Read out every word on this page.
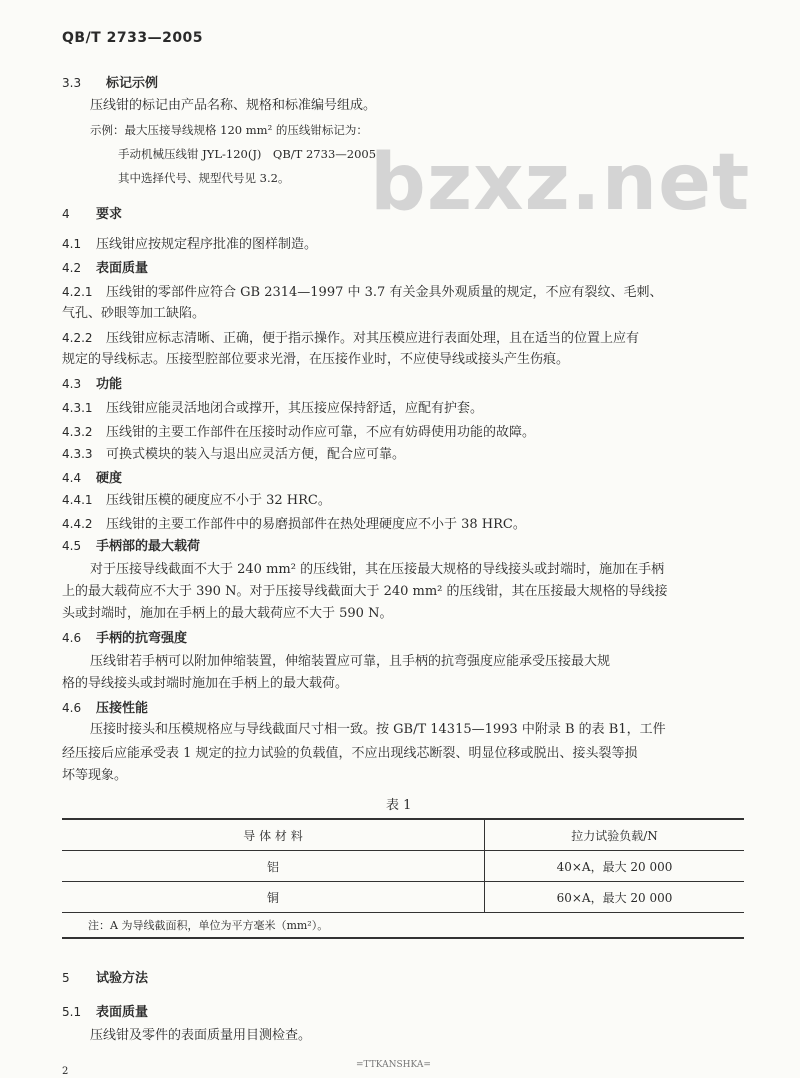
QB/T 2733—2005
bzxz.net
3.3 标记示例
压线钳的标记由产品名称、规格和标准编号组成。
示例：最大压接导线规格 120 mm² 的压线钳标记为：
手动机械压线钳 JYL-120(J)　QB/T 2733—2005
其中选择代号、规型代号见 3.2。
4 要求
4.1 压线钳应按规定程序批准的图样制造。
4.2 表面质量
4.2.1 压线钳的零部件应符合 GB 2314—1997 中 3.7 有关金具外观质量的规定，不应有裂纹、毛刺、
气孔、砂眼等加工缺陷。
4.2.2 压线钳应标志清晰、正确，便于指示操作。对其压模应进行表面处理，且在适当的位置上应有
规定的导线标志。压接型腔部位要求光滑，在压接作业时，不应使导线或接头产生伤痕。
4.3 功能
4.3.1 压线钳应能灵活地闭合或撑开，其压接应保持舒适，应配有护套。
4.3.2 压线钳的主要工作部件在压接时动作应可靠，不应有妨碍使用功能的故障。
4.3.3 可换式模块的装入与退出应灵活方便，配合应可靠。
4.4 硬度
4.4.1 压线钳压模的硬度应不小于 32 HRC。
4.4.2 压线钳的主要工作部件中的易磨损部件在热处理硬度应不小于 38 HRC。
4.5 手柄部的最大载荷
对于压接导线截面不大于 240 mm² 的压线钳，其在压接最大规格的导线接头或封端时，施加在手柄
上的最大载荷应不大于 390 N。对于压接导线截面大于 240 mm² 的压线钳，其在压接最大规格的导线接
头或封端时，施加在手柄上的最大载荷应不大于 590 N。
4.6 手柄的抗弯强度
压线钳若手柄可以附加伸缩装置，伸缩装置应可靠，且手柄的抗弯强度应能承受压接最大规
格的导线接头或封端时施加在手柄上的最大载荷。
4.6 压接性能
压接时接头和压模规格应与导线截面尺寸相一致。按 GB/T 14315—1993 中附录 B 的表 B1，工件
经压接后应能承受表 1 规定的拉力试验的负载值，不应出现线芯断裂、明显位移或脱出、接头裂等损
坏等现象。
表 1
导 体 材 料	拉力试验负载/N
铝	40×A，最大 20 000
铜	60×A，最大 20 000
注：A 为导线截面积，单位为平方毫米（mm²）。	
5 试验方法
5.1 表面质量
压线钳及零件的表面质量用目测检查。
=TTKANSHKA=
2
